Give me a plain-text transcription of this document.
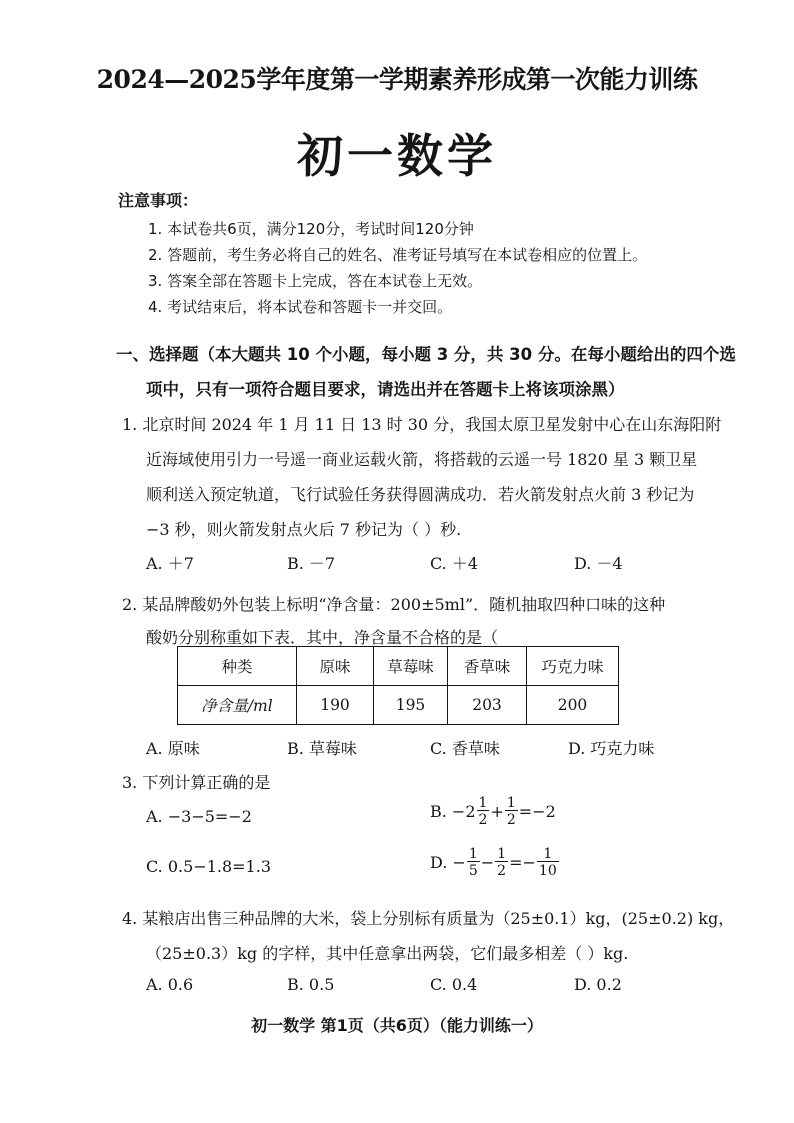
2024—2025学年度第一学期素养形成第一次能力训练
初一数学
注意事项：
1. 本试卷共6页，满分120分，考试时间120分钟
2. 答题前，考生务必将自己的姓名、准考证号填写在本试卷相应的位置上。
3. 答案全部在答题卡上完成，答在本试卷上无效。
4. 考试结束后，将本试卷和答题卡一并交回。
一、选择题（本大题共 10 个小题，每小题 3 分，共 30 分。在每小题给出的四个选
项中，只有一项符合题目要求，请选出并在答题卡上将该项涂黑）
1. 北京时间 2024 年 1 月 11 日 13 时 30 分，我国太原卫星发射中心在山东海阳附
近海域使用引力一号遥一商业运载火箭，将搭载的云遥一号 1820 星 3 颗卫星
顺利送入预定轨道，飞行试验任务获得圆满成功．若火箭发射点火前 3 秒记为
−3 秒，则火箭发射点火后 7 秒记为（ ）秒.
A. ＋7	B. －7	C. ＋4	D. －4
2. 某品牌酸奶外包装上标明“净含量：200±5ml”．随机抽取四种口味的这种
酸奶分别称重如下表．其中，净含量不合格的是（
种类	原味	草莓味	香草味	巧克力味
净含量/ml	190	195	203	200
A. 原味	B. 草莓味	C. 香草味	D. 巧克力味
3. 下列计算正确的是
A. −3−5=−2	B. $-2 \frac{1}{2} + \frac{1}{2} =-2$
C. 0.5−1.8=1.3	D. − $\frac{1}{5} - \frac{1}{2} =- \frac{1}{10}$
4. 某粮店出售三种品牌的大米，袋上分别标有质量为（25±0.1）kg，(25±0.2) kg，
（25±0.3）kg 的字样，其中任意拿出两袋，它们最多相差（ ）kg.
A. 0.6	B. 0.5	C. 0.4	D. 0.2
初一数学 第1页（共6页）（能力训练一）
